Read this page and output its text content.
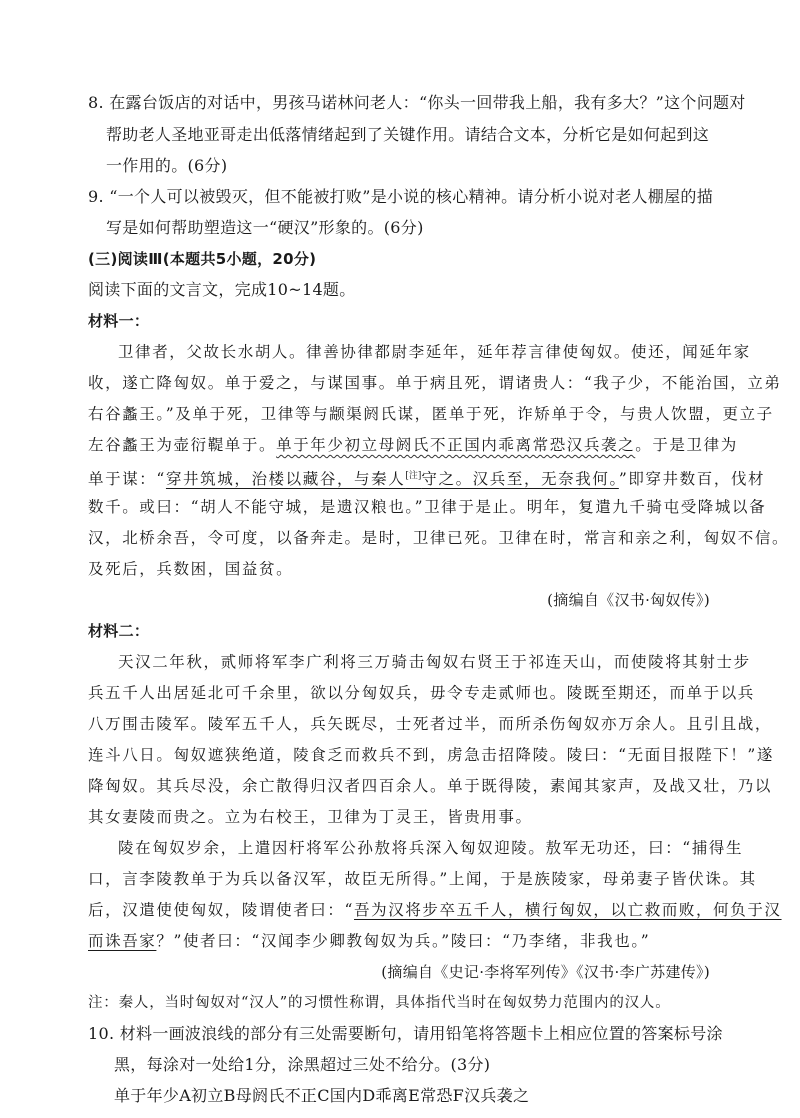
8. 在露台饭店的对话中，男孩马诺林问老人：“你头一回带我上船，我有多大？”这个问题对
帮助老人圣地亚哥走出低落情绪起到了关键作用。请结合文本，分析它是如何起到这
一作用的。(6分)
9. “一个人可以被毁灭，但不能被打败”是小说的核心精神。请分析小说对老人棚屋的描
写是如何帮助塑造这一“硬汉”形象的。(6分)
(三)阅读Ⅲ(本题共5小题，20分)
阅读下面的文言文，完成10~14题。
材料一：
卫律者，父故长水胡人。律善协律都尉李延年，延年荐言律使匈奴。使还，闻延年家
收，遂亡降匈奴。单于爱之，与谋国事。单于病且死，谓诸贵人：“我子少，不能治国，立弟
右谷蠡王。”及单于死，卫律等与颛渠阏氏谋，匿单于死，诈矫单于令，与贵人饮盟，更立子
左谷蠡王为壶衍鞮单于。单于年少初立母阏氏不正国内乖离常恐汉兵袭之。于是卫律为
单于谋：“穿井筑城，治楼以藏谷，与秦人[注]守之。汉兵至，无奈我何。”即穿井数百，伐材
数千。或曰：“胡人不能守城，是遗汉粮也。”卫律于是止。明年，复遣九千骑屯受降城以备
汉，北桥余吾，令可度，以备奔走。是时，卫律已死。卫律在时，常言和亲之利，匈奴不信。
及死后，兵数困，国益贫。
(摘编自《汉书·匈奴传》)
材料二：
天汉二年秋，贰师将军李广利将三万骑击匈奴右贤王于祁连天山，而使陵将其射士步
兵五千人出居延北可千余里，欲以分匈奴兵，毋令专走贰师也。陵既至期还，而单于以兵
八万围击陵军。陵军五千人，兵矢既尽，士死者过半，而所杀伤匈奴亦万余人。且引且战，
连斗八日。匈奴遮狭绝道，陵食乏而救兵不到，虏急击招降陵。陵曰：“无面目报陛下！”遂
降匈奴。其兵尽没，余亡散得归汉者四百余人。单于既得陵，素闻其家声，及战又壮，乃以
其女妻陵而贵之。立为右校王，卫律为丁灵王，皆贵用事。
陵在匈奴岁余，上遣因杅将军公孙敖将兵深入匈奴迎陵。敖军无功还，曰：“捕得生
口，言李陵教单于为兵以备汉军，故臣无所得。”上闻，于是族陵家，母弟妻子皆伏诛。其
后，汉遣使使匈奴，陵谓使者曰：“吾为汉将步卒五千人，横行匈奴，以亡救而败，何负于汉
而诛吾家？”使者曰：“汉闻李少卿教匈奴为兵。”陵曰：“乃李绪，非我也。”
(摘编自《史记·李将军列传》《汉书·李广苏建传》)
注：秦人，当时匈奴对“汉人”的习惯性称谓，具体指代当时在匈奴势力范围内的汉人。
10. 材料一画波浪线的部分有三处需要断句，请用铅笔将答题卡上相应位置的答案标号涂
黑，每涂对一处给1分，涂黑超过三处不给分。(3分)
单于年少A初立B母阏氏不正C国内D乖离E常恐F汉兵袭之
